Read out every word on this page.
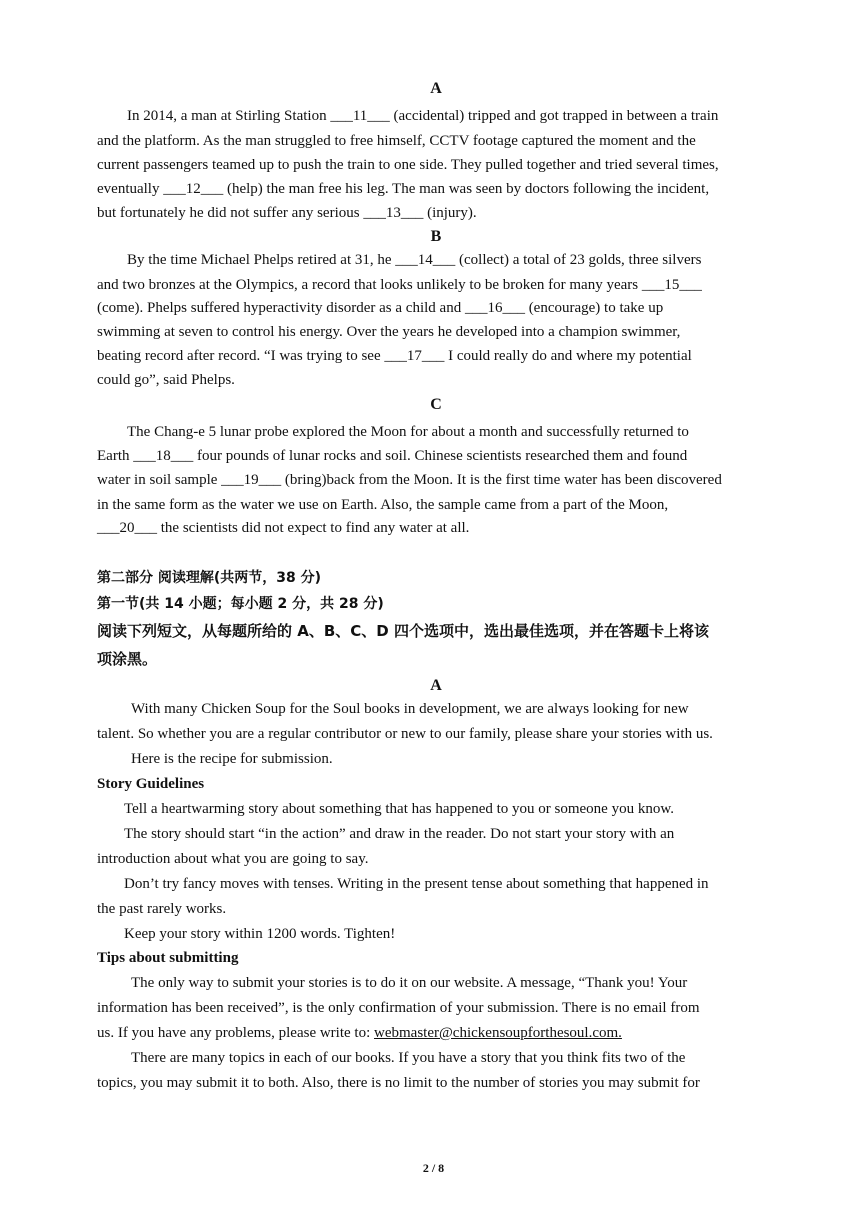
A
In 2014, a man at Stirling Station ___11___ (accidental) tripped and got trapped in between a train
and the platform. As the man struggled to free himself, CCTV footage captured the moment and the
current passengers teamed up to push the train to one side. They pulled together and tried several times,
eventually ___12___ (help) the man free his leg. The man was seen by doctors following the incident,
but fortunately he did not suffer any serious ___13___ (injury).
B
By the time Michael Phelps retired at 31, he ___14___ (collect) a total of 23 golds, three silvers
and two bronzes at the Olympics, a record that looks unlikely to be broken for many years ___15___
(come). Phelps suffered hyperactivity disorder as a child and ___16___ (encourage) to take up
swimming at seven to control his energy. Over the years he developed into a champion swimmer,
beating record after record. “I was trying to see ___17___ I could really do and where my potential
could go”, said Phelps.
C
The Chang-e 5 lunar probe explored the Moon for about a month and successfully returned to
Earth ___18___ four pounds of lunar rocks and soil. Chinese scientists researched them and found
water in soil sample ___19___ (bring)back from the Moon. It is the first time water has been discovered
in the same form as the water we use on Earth. Also, the sample came from a part of the Moon,
___20___ the scientists did not expect to find any water at all.
第二部分 阅读理解(共两节，38 分)
第一节(共 14 小题；每小题 2 分，共 28 分)
阅读下列短文，从每题所给的 A、B、C、D 四个选项中，选出最佳选项，并在答题卡上将该
项涂黑。
A
With many Chicken Soup for the Soul books in development, we are always looking for new
talent. So whether you are a regular contributor or new to our family, please share your stories with us.
Here is the recipe for submission.
Story Guidelines
Tell a heartwarming story about something that has happened to you or someone you know.
The story should start “in the action” and draw in the reader. Do not start your story with an
introduction about what you are going to say.
Don’t try fancy moves with tenses. Writing in the present tense about something that happened in
the past rarely works.
Keep your story within 1200 words. Tighten!
Tips about submitting
The only way to submit your stories is to do it on our website. A message, “Thank you! Your
information has been received”, is the only confirmation of your submission. There is no email from
us. If you have any problems, please write to: webmaster@chickensoupforthesoul.com.
There are many topics in each of our books. If you have a story that you think fits two of the
topics, you may submit it to both. Also, there is no limit to the number of stories you may submit for
2 / 8
